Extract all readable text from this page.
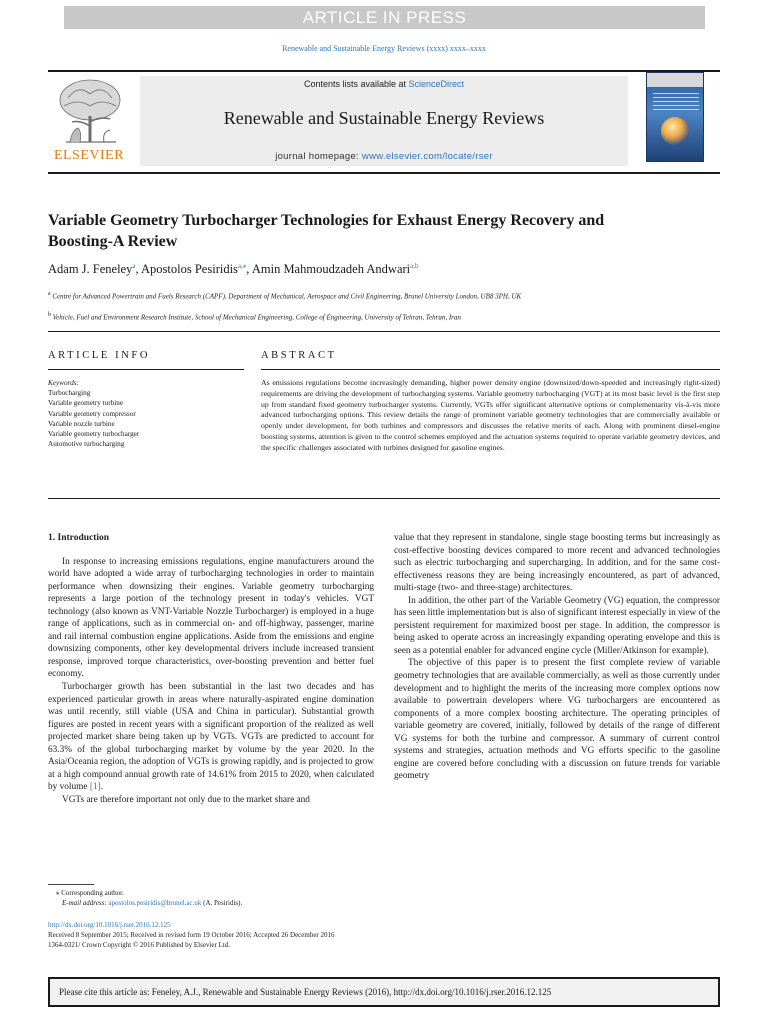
ARTICLE IN PRESS
Renewable and Sustainable Energy Reviews (xxxx) xxxx–xxxx
ELSEVIER
Contents lists available at ScienceDirect
Renewable and Sustainable Energy Reviews
journal homepage: www.elsevier.com/locate/rser
Variable Geometry Turbocharger Technologies for Exhaust Energy Recovery and Boosting-A Review
Adam J. Feneley$^a$, Apostolos Pesiridis$^{a,⁎}$, Amin Mahmoudzadeh Andwari$^{a,b}$
$^a$ Centre for Advanced Powertrain and Fuels Research (CAPF), Department of Mechanical, Aerospace and Civil Engineering, Brunel University London, UB8 3PH, UK
$^b$ Vehicle, Fuel and Environment Research Institute, School of Mechanical Engineering, College of Engineering, University of Tehran, Tehran, Iran
ARTICLE INFO	ABSTRACT
Keywords:
Turbocharging
Variable geometry turbine
Variable geometry compressor
Variable nozzle turbine
Variable geometry turbocharger
Automotive turbocharging

As emissions regulations become increasingly demanding, higher power density engine (downsized/down-speeded and increasingly right-sized) requirements are driving the development of turbocharging systems. Variable geometry turbocharging (VGT) at its most basic level is the first step up from standard fixed geometry turbocharger systems. Currently, VGTs offer significant alternative options or complementarity vis-à-vis more advanced turbocharging options. This review details the range of prominent variable geometry technologies that are commercially available or openly under development, for both turbines and compressors and discusses the relative merits of each. Along with prominent diesel-engine boosting systems, attention is given to the control schemes employed and the actuation systems required to operate variable geometry devices, and the specific challenges associated with turbines designed for gasoline engines.

1. Introduction

In response to increasing emissions regulations, engine manufacturers around the world have adopted a wide array of turbocharging technologies in order to maintain performance when downsizing their engines. Variable geometry turbocharging represents a large portion of the technology present in today's vehicles. VGT technology (also known as VNT-Variable Nozzle Turbocharger) is employed in a huge range of applications, such as in commercial on- and off-highway, passenger, marine and rail internal combustion engine applications. Aside from the emissions and engine downsizing components, other key developmental drivers include increased transient response, improved torque characteristics, over-boosting prevention and better fuel economy.

Turbocharger growth has been substantial in the last two decades and has experienced particular growth in areas where naturally-aspirated engine domination was until recently, still viable (USA and China in particular). Substantial growth figures are posted in recent years with a significant proportion of the realized as well projected market share being taken up by VGTs. VGTs are predicted to account for 63.3% of the global turbocharging market by volume by the year 2020. In the Asia/Oceania region, the adoption of VGTs is growing rapidly, and is projected to grow at a high compound annual growth rate of 14.61% from 2015 to 2020, when calculated by volume [1].

VGTs are therefore important not only due to the market share and

value that they represent in standalone, single stage boosting terms but increasingly as cost-effective boosting devices compared to more recent and advanced technologies such as electric turbocharging and supercharging. In addition, and for the same cost-effectiveness reasons they are being increasingly encountered, as part of advanced, multi-stage (two- and three-stage) architectures.

In addition, the other part of the Variable Geometry (VG) equation, the compressor has seen little implementation but is also of significant interest especially in view of the persistent requirement for maximized boost per stage. In addition, the compressor is being asked to operate across an increasingly expanding operating envelope and this is seen as a potential enabler for advanced engine cycle (Miller/Atkinson for example).

The objective of this paper is to present the first complete review of variable geometry technologies that are available commercially, as well as those currently under development and to highlight the merits of the increasing more complex options now available to powertrain developers where VG turbochargers are encountered as components of a more complex boosting architecture. The operating principles of variable geometry are covered, initially, followed by details of the range of different VG systems for both the turbine and compressor. A summary of current control systems and strategies, actuation methods and VG efforts specific to the gasoline engine are covered before concluding with a discussion on future trends for variable geometry

⁎ Corresponding author.
E-mail address: apostolos.pesiridis@brunel.ac.uk (A. Pesiridis).
http://dx.doi.org/10.1016/j.rser.2016.12.125
Received 8 September 2015; Received in revised form 19 October 2016; Accepted 26 December 2016
1364-0321/ Crown Copyright © 2016 Published by Elsevier Ltd.
Please cite this article as: Feneley, A.J., Renewable and Sustainable Energy Reviews (2016), http://dx.doi.org/10.1016/j.rser.2016.12.125
